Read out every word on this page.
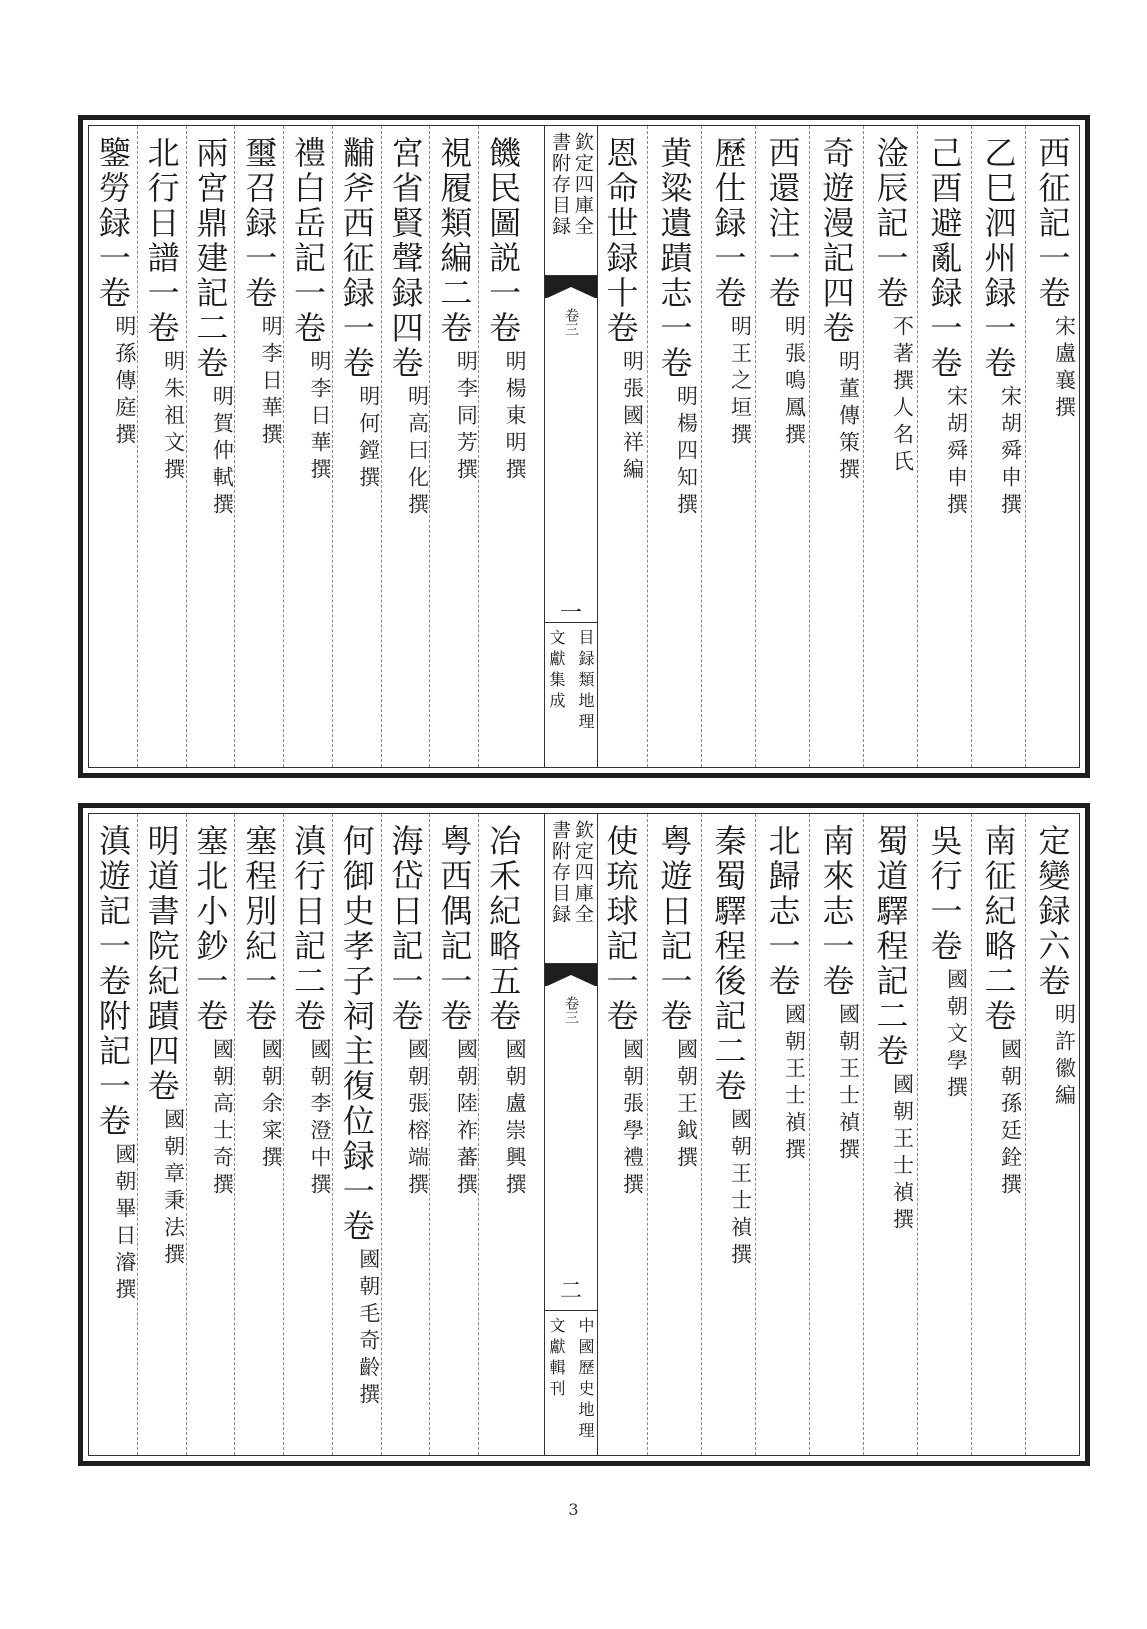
西征記一卷
宋盧襄撰
乙巳泗州録一卷
宋胡舜申撰
己酉避亂録一卷
宋胡舜申撰
淦辰記一卷
不著撰人名氏
奇遊漫記四卷
明董傳策撰
西還注一卷
明張鳴鳳撰
歷仕録一卷
明王之垣撰
黄粱遺蹟志一卷
明楊四知撰
恩命世録十卷
明張國祥編
欽定四庫全
書附存目録
卷三
一
目録類地理
文獻集成
饑民圖説一卷
明楊東明撰
視履類編二卷
明李同芳撰
宮省賢聲録四卷
明高曰化撰
黼斧西征録一卷
明何鏜撰
禮白岳記一卷
明李日華撰
璽召録一卷
明李日華撰
兩宮鼎建記二卷
明賀仲軾撰
北行日譜一卷
明朱祖文撰
鑒勞録一卷
明孫傳庭撰
定變録六卷
明許徽編
南征紀略二卷
國朝孫廷銓撰
吳行一卷
國朝文學撰
蜀道驛程記二卷
國朝王士禎撰
南來志一卷
國朝王士禎撰
北歸志一卷
國朝王士禎撰
秦蜀驛程後記二卷
國朝王士禎撰
粤遊日記一卷
國朝王鉞撰
使琉球記一卷
國朝張學禮撰
欽定四庫全
書附存目録
卷三
二
中國歷史地理
文獻輯刊
冶禾紀略五卷
國朝盧崇興撰
粤西偶記一卷
國朝陸祚蕃撰
海岱日記一卷
國朝張榕端撰
何御史孝子祠主復位録一卷
國朝毛奇齡撰
滇行日記二卷
國朝李澄中撰
塞程別紀一卷
國朝余寀撰
塞北小鈔一卷
國朝高士奇撰
明道書院紀蹟四卷
國朝章秉法撰
滇遊記一卷附記一卷
國朝畢日濬撰
3
